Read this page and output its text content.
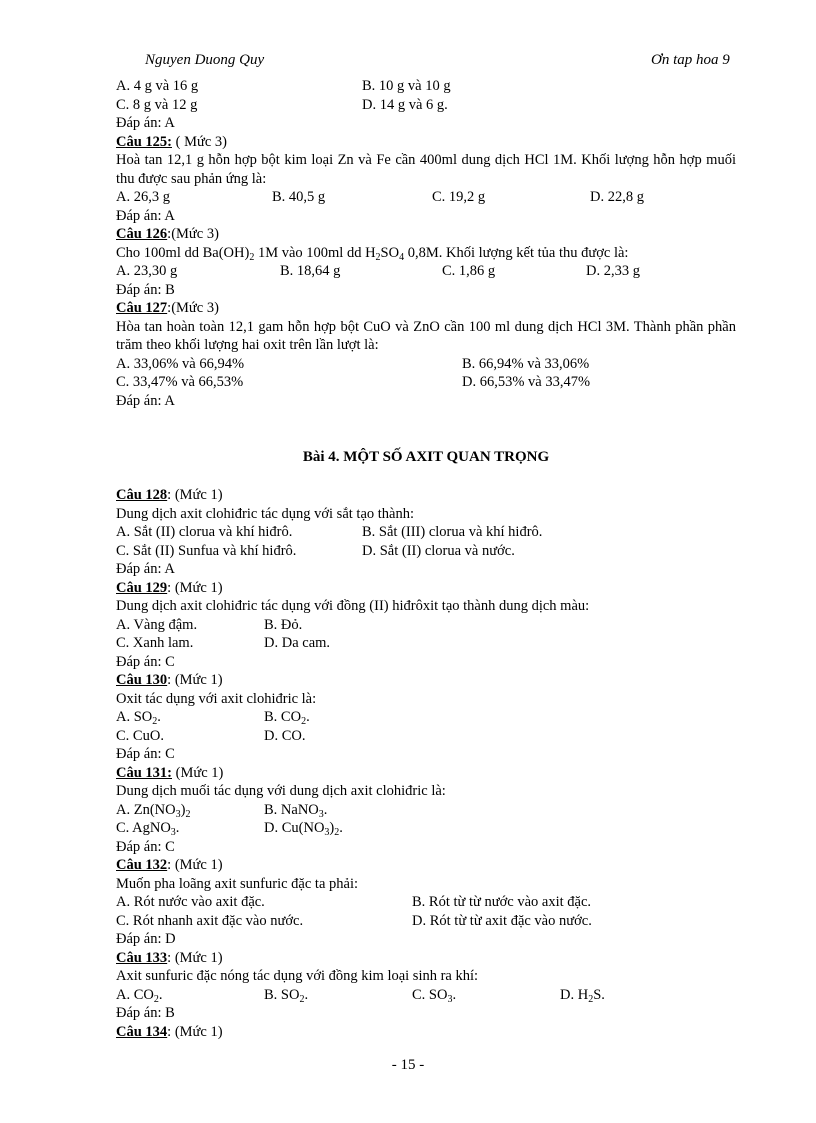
Nguyen Duong Quy	Ơn tap hoa 9
A. 4 g và 16 g	B. 10 g và 10 g
C. 8 g và 12 g	D. 14 g và 6 g.
Đáp án: A
Câu 125: ( Mức 3)
Hoà tan 12,1 g hỗn hợp bột kim loại Zn và Fe cần 400ml dung dịch HCl 1M. Khối lượng hỗn hợp muối thu được sau phản ứng là:
A. 26,3 g	B. 40,5 g	C. 19,2 g	D. 22,8 g
Đáp án: A
Câu 126:(Mức 3)
Cho 100ml dd $Ba(OH)_2$ 1M vào 100ml dd $H_2SO_4$ 0,8M. Khối lượng kết tủa thu được là:
A. 23,30 g	B. 18,64 g	C. 1,86 g	D. 2,33 g
Đáp án: B
Câu 127:(Mức 3)
Hòa tan hoàn toàn 12,1 gam hỗn hợp bột CuO và ZnO cần 100 ml dung dịch HCl 3M. Thành phần phần trăm theo khối lượng hai oxit trên lần lượt là:
A. 33,06% và 66,94%	B. 66,94% và 33,06%
C. 33,47% và 66,53%	D. 66,53% và 33,47%
Đáp án: A
Bài 4. MỘT SỐ AXIT QUAN TRỌNG
Câu 128: (Mức 1)
Dung dịch axit clohiđric tác dụng với sắt tạo thành:
A. Sắt (II) clorua và khí hiđrô.	B. Sắt (III) clorua và khí hiđrô.
C. Sắt (II) Sunfua và khí hiđrô.	D. Sắt (II) clorua và nước.
Đáp án: A
Câu 129: (Mức 1)
Dung dịch axit clohiđric tác dụng với đồng (II) hiđrôxit tạo thành dung dịch màu:
A. Vàng đậm.	B. Đỏ.
C. Xanh lam.	D. Da cam.
Đáp án: C
Câu 130: (Mức 1)
Oxit tác dụng với axit clohiđric là:
A. $SO_2$.	B. $CO_2$.
C. CuO.	D. CO.
Đáp án: C
Câu 131: (Mức 1)
Dung dịch muối tác dụng với dung dịch axit clohiđric là:
A. $Zn(NO_3)_2$	B. NaNO$_3$.
C. AgNO$_3$.	D. $Cu(NO_3)_2$.
Đáp án: C
Câu 132: (Mức 1)
Muốn pha loãng axit sunfuric đặc ta phải:
A. Rót nước vào axit đặc.	B. Rót từ từ nước vào axit đặc.
C. Rót nhanh axit đặc vào nước.	D. Rót từ từ axit đặc vào nước.
Đáp án: D
Câu 133: (Mức 1)
Axit sunfuric đặc nóng tác dụng với đồng kim loại sinh ra khí:
A. $CO_2$.	B. $SO_2$.	C. $SO_3$.	D. $H_2S$.
Đáp án: B
Câu 134: (Mức 1)
- 15 -
